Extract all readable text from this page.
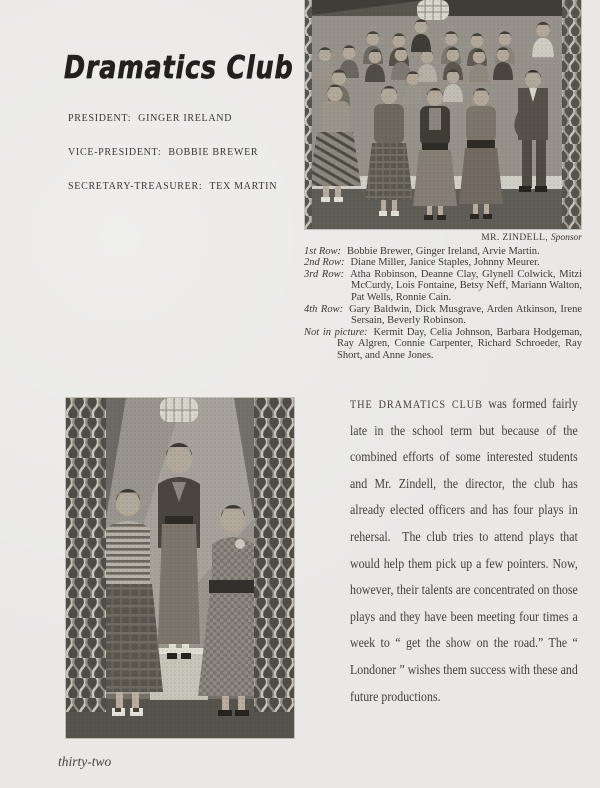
Dramatics Club
PRESIDENT: GINGER IRELAND
VICE-PRESIDENT: BOBBIE BREWER
SECRETARY-TREASURER: TEX MARTIN
MR. ZINDELL, Sponsor
1st Row: Bobbie Brewer, Ginger Ireland, Arvie Martin.
2nd Row: Diane Miller, Janice Staples, Johnny Meurer.
3rd Row: Atha Robinson, Deanne Clay, Glynell Colwick, Mitzi McCurdy, Lois Fontaine, Betsy Neff, Mariann Walton, Pat Wells, Ronnie Cain.
4th Row: Gary Baldwin, Dick Musgrave, Arden Atkinson, Irene Sersain, Beverly Robinson.
Not in picture: Kermit Day, Celia Johnson, Barbara Hodgeman, Ray Algren, Connie Carpenter, Richard Schroeder, Ray Short, and Anne Jones.
THE DRAMATICS CLUB was formed fairly late in the school term but because of the combined efforts of some interested students and Mr. Zindell, the director, the club has already elected officers and has four plays in rehersal.  The club tries to attend plays that would help them pick up a few pointers. Now, however, their talents are concentrated on those plays and they have been meeting four times a week to “ get the show on the road.” The “ Londoner ” wishes them success with these and future productions.
thirty-two
